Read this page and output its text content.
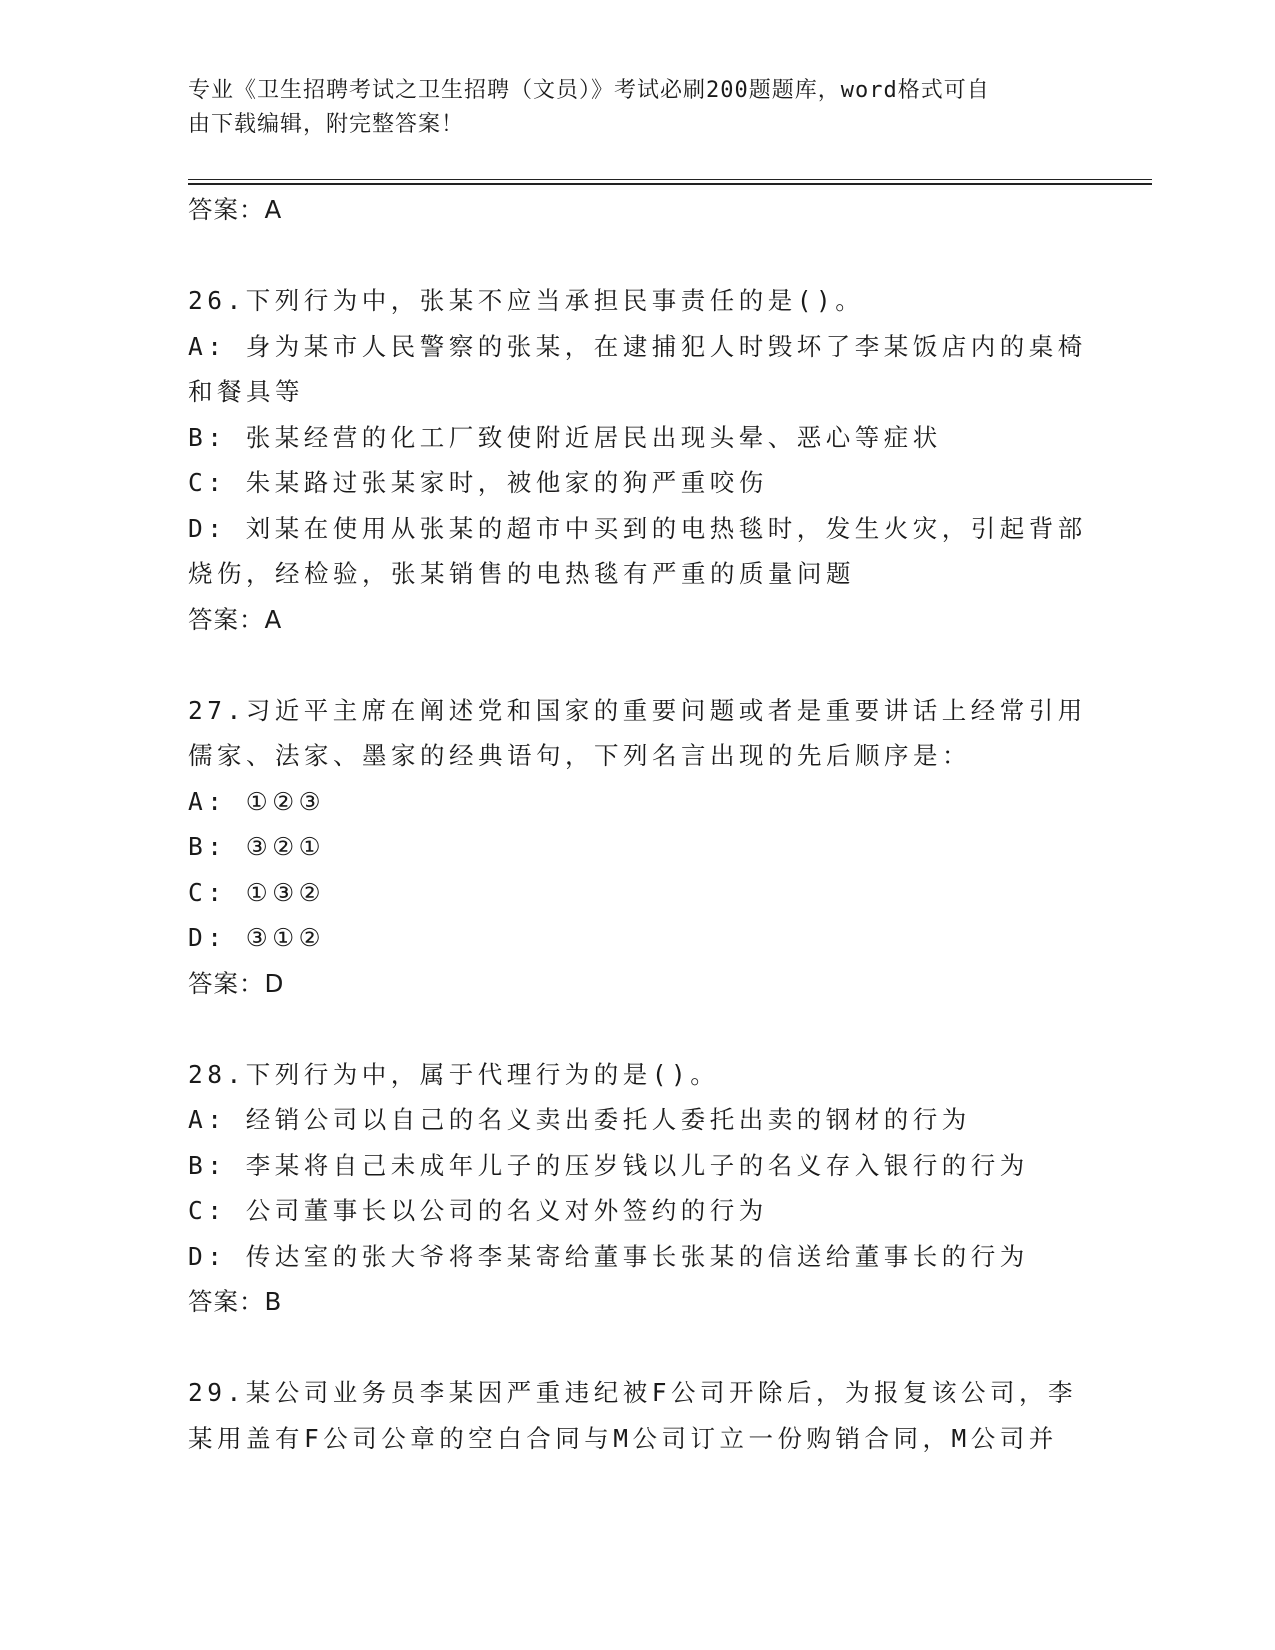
专业《卫生招聘考试之卫生招聘（文员）》考试必刷200题题库，word格式可自

由下载编辑，附完整答案！

答案：A

26.下列行为中，张某不应当承担民事责任的是()。

A: 身为某市人民警察的张某，在逮捕犯人时毁坏了李某饭店内的桌椅

和餐具等

B: 张某经营的化工厂致使附近居民出现头晕、恶心等症状

C: 朱某路过张某家时，被他家的狗严重咬伤

D: 刘某在使用从张某的超市中买到的电热毯时，发生火灾，引起背部

烧伤，经检验，张某销售的电热毯有严重的质量问题

答案：A

27.习近平主席在阐述党和国家的重要问题或者是重要讲话上经常引用

儒家、法家、墨家的经典语句，下列名言出现的先后顺序是：

A: ①②③

B: ③②①

C: ①③②

D: ③①②

答案：D

28.下列行为中，属于代理行为的是()。

A: 经销公司以自己的名义卖出委托人委托出卖的钢材的行为

B: 李某将自己未成年儿子的压岁钱以儿子的名义存入银行的行为

C: 公司董事长以公司的名义对外签约的行为

D: 传达室的张大爷将李某寄给董事长张某的信送给董事长的行为

答案：B

29.某公司业务员李某因严重违纪被F公司开除后，为报复该公司，李

某用盖有F公司公章的空白合同与M公司订立一份购销合同，M公司并
